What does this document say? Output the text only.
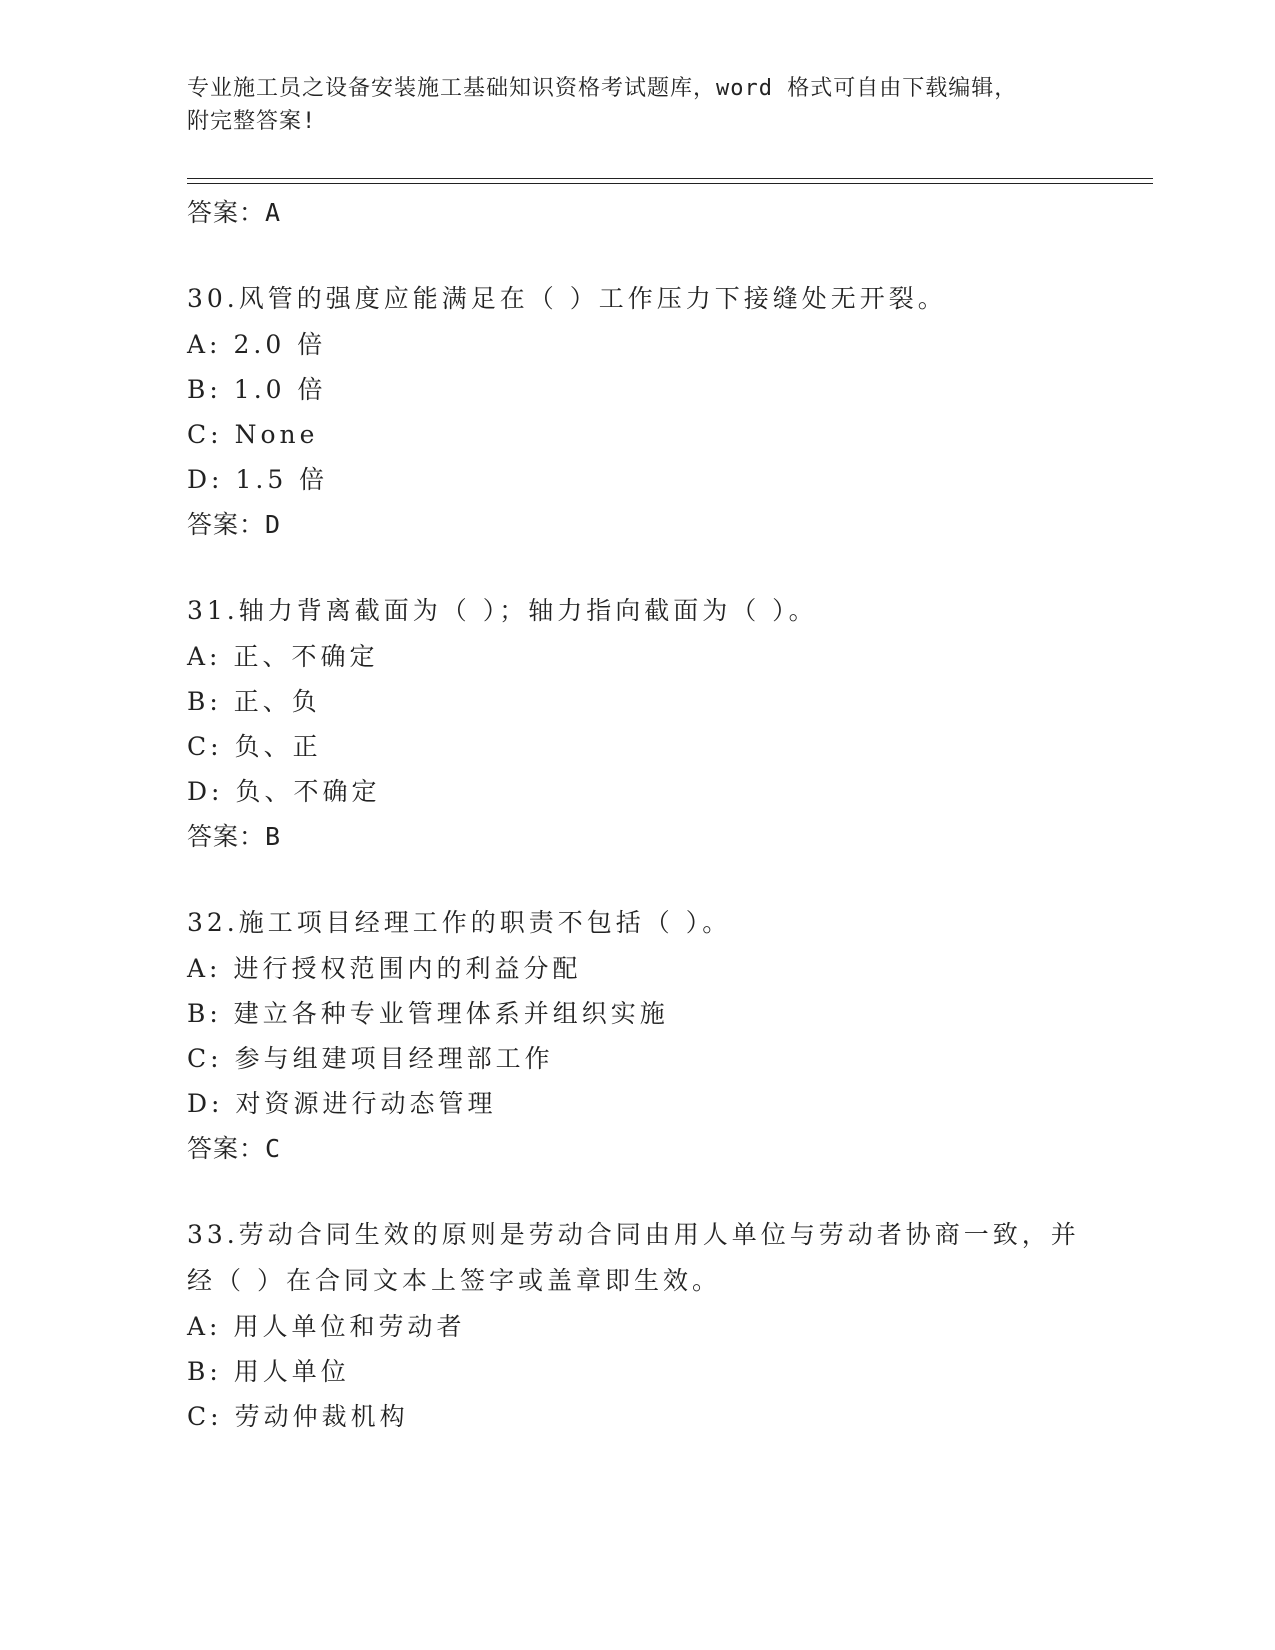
专业施工员之设备安装施工基础知识资格考试题库，word 格式可自由下载编辑，
附完整答案!
答案：A
30.风管的强度应能满足在（ ）工作压力下接缝处无开裂。
A: 2.0 倍
B: 1.0 倍
C: None
D: 1.5 倍
答案：D
31.轴力背离截面为（ ）；轴力指向截面为（ ）。
A: 正、不确定
B: 正、负
C: 负、正
D: 负、不确定
答案：B
32.施工项目经理工作的职责不包括（ ）。
A: 进行授权范围内的利益分配
B: 建立各种专业管理体系并组织实施
C: 参与组建项目经理部工作
D: 对资源进行动态管理
答案：C
33.劳动合同生效的原则是劳动合同由用人单位与劳动者协商一致，并
经（ ）在合同文本上签字或盖章即生效。
A: 用人单位和劳动者
B: 用人单位
C: 劳动仲裁机构
